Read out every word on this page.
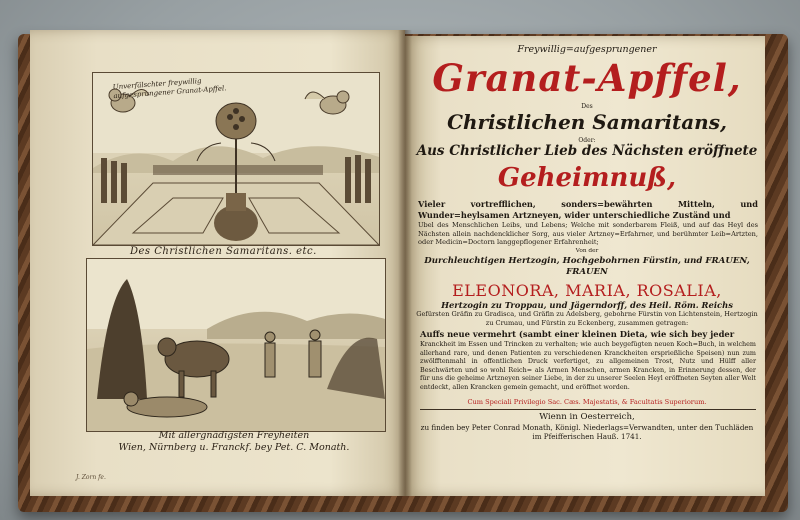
Unverfälschter freywillig aufgesprungener Granat-Apffel.
Des Christlichen Samaritans. etc.
Mit allergnädigsten Freyheiten
Wien, Nürnberg u. Franckf. bey Pet. C. Monath.
J. Zorn fe.
Freywillig=aufgesprungener
Granat-Apffel,
Des
Christlichen Samaritans,
Oder:
Aus Christlicher Lieb des Nächsten eröffnete
Geheimnuß,
Vieler vortrefflichen, sonders=bewährten Mitteln, und Wunder=heylsamen Artzneyen, wider unterschiedliche Zuständ und
Ubel des Menschlichen Leibs, und Lebens; Welche mit sonderbarem Fleiß, und auf das Heyl des Nächsten allein nachdencklicher Sorg, aus vieler Artzney=Erfahrner, und berühmter Leib=Artzten, oder Medicin=Doctorn langgepflogener Erfahrenheit;
Von der
Durchleuchtigen Hertzogin, Hochgebohrnen Fürstin, und FRAUEN, FRAUEN
ELEONORA, MARIA, ROSALIA,
Hertzogin zu Troppau, und Jägerndorff, des Heil. Röm. Reichs
Gefürsten Gräfin zu Gradisca, und Gräfin zu Adelsberg, gebohrne Fürstin von Lichtenstein, Hertzogin zu Crumau, und Fürstin zu Eckenberg, zusammen getragen:
Auffs neue vermehrt (sambt einer kleinen Dieta, wie sich bey jeder
Kranckheit im Essen und Trincken zu verhalten; wie auch beygefügten neuen Koch=Buch, in welchem allerhand rare, und denen Patienten zu verschiedenen Kranckheiten ersprießliche Speisen) nun zum zwölfftenmahl in offentlichen Druck verfertiget, zu allgemeinen Trost, Nutz und Hülff aller Beschwärten und so wohl Reich= als Armen Menschen, armen Krancken, in Erinnerung dessen, der für uns die geheime Artzneyen seiner Liebe, in der zu unserer Seelen Heyl eröffneten Seyten aller Welt entdeckt, allen Krancken gemein gemacht, und eröffnet worden.
Cum Speciali Privilegio Sac. Cæs. Majestatis, & Facultatis Superiorum.
Wienn in Oesterreich,
zu finden bey Peter Conrad Monath, Königl. Niederlags=Verwandten, unter den Tuchläden im Pfeifferischen Hauß. 1741.
